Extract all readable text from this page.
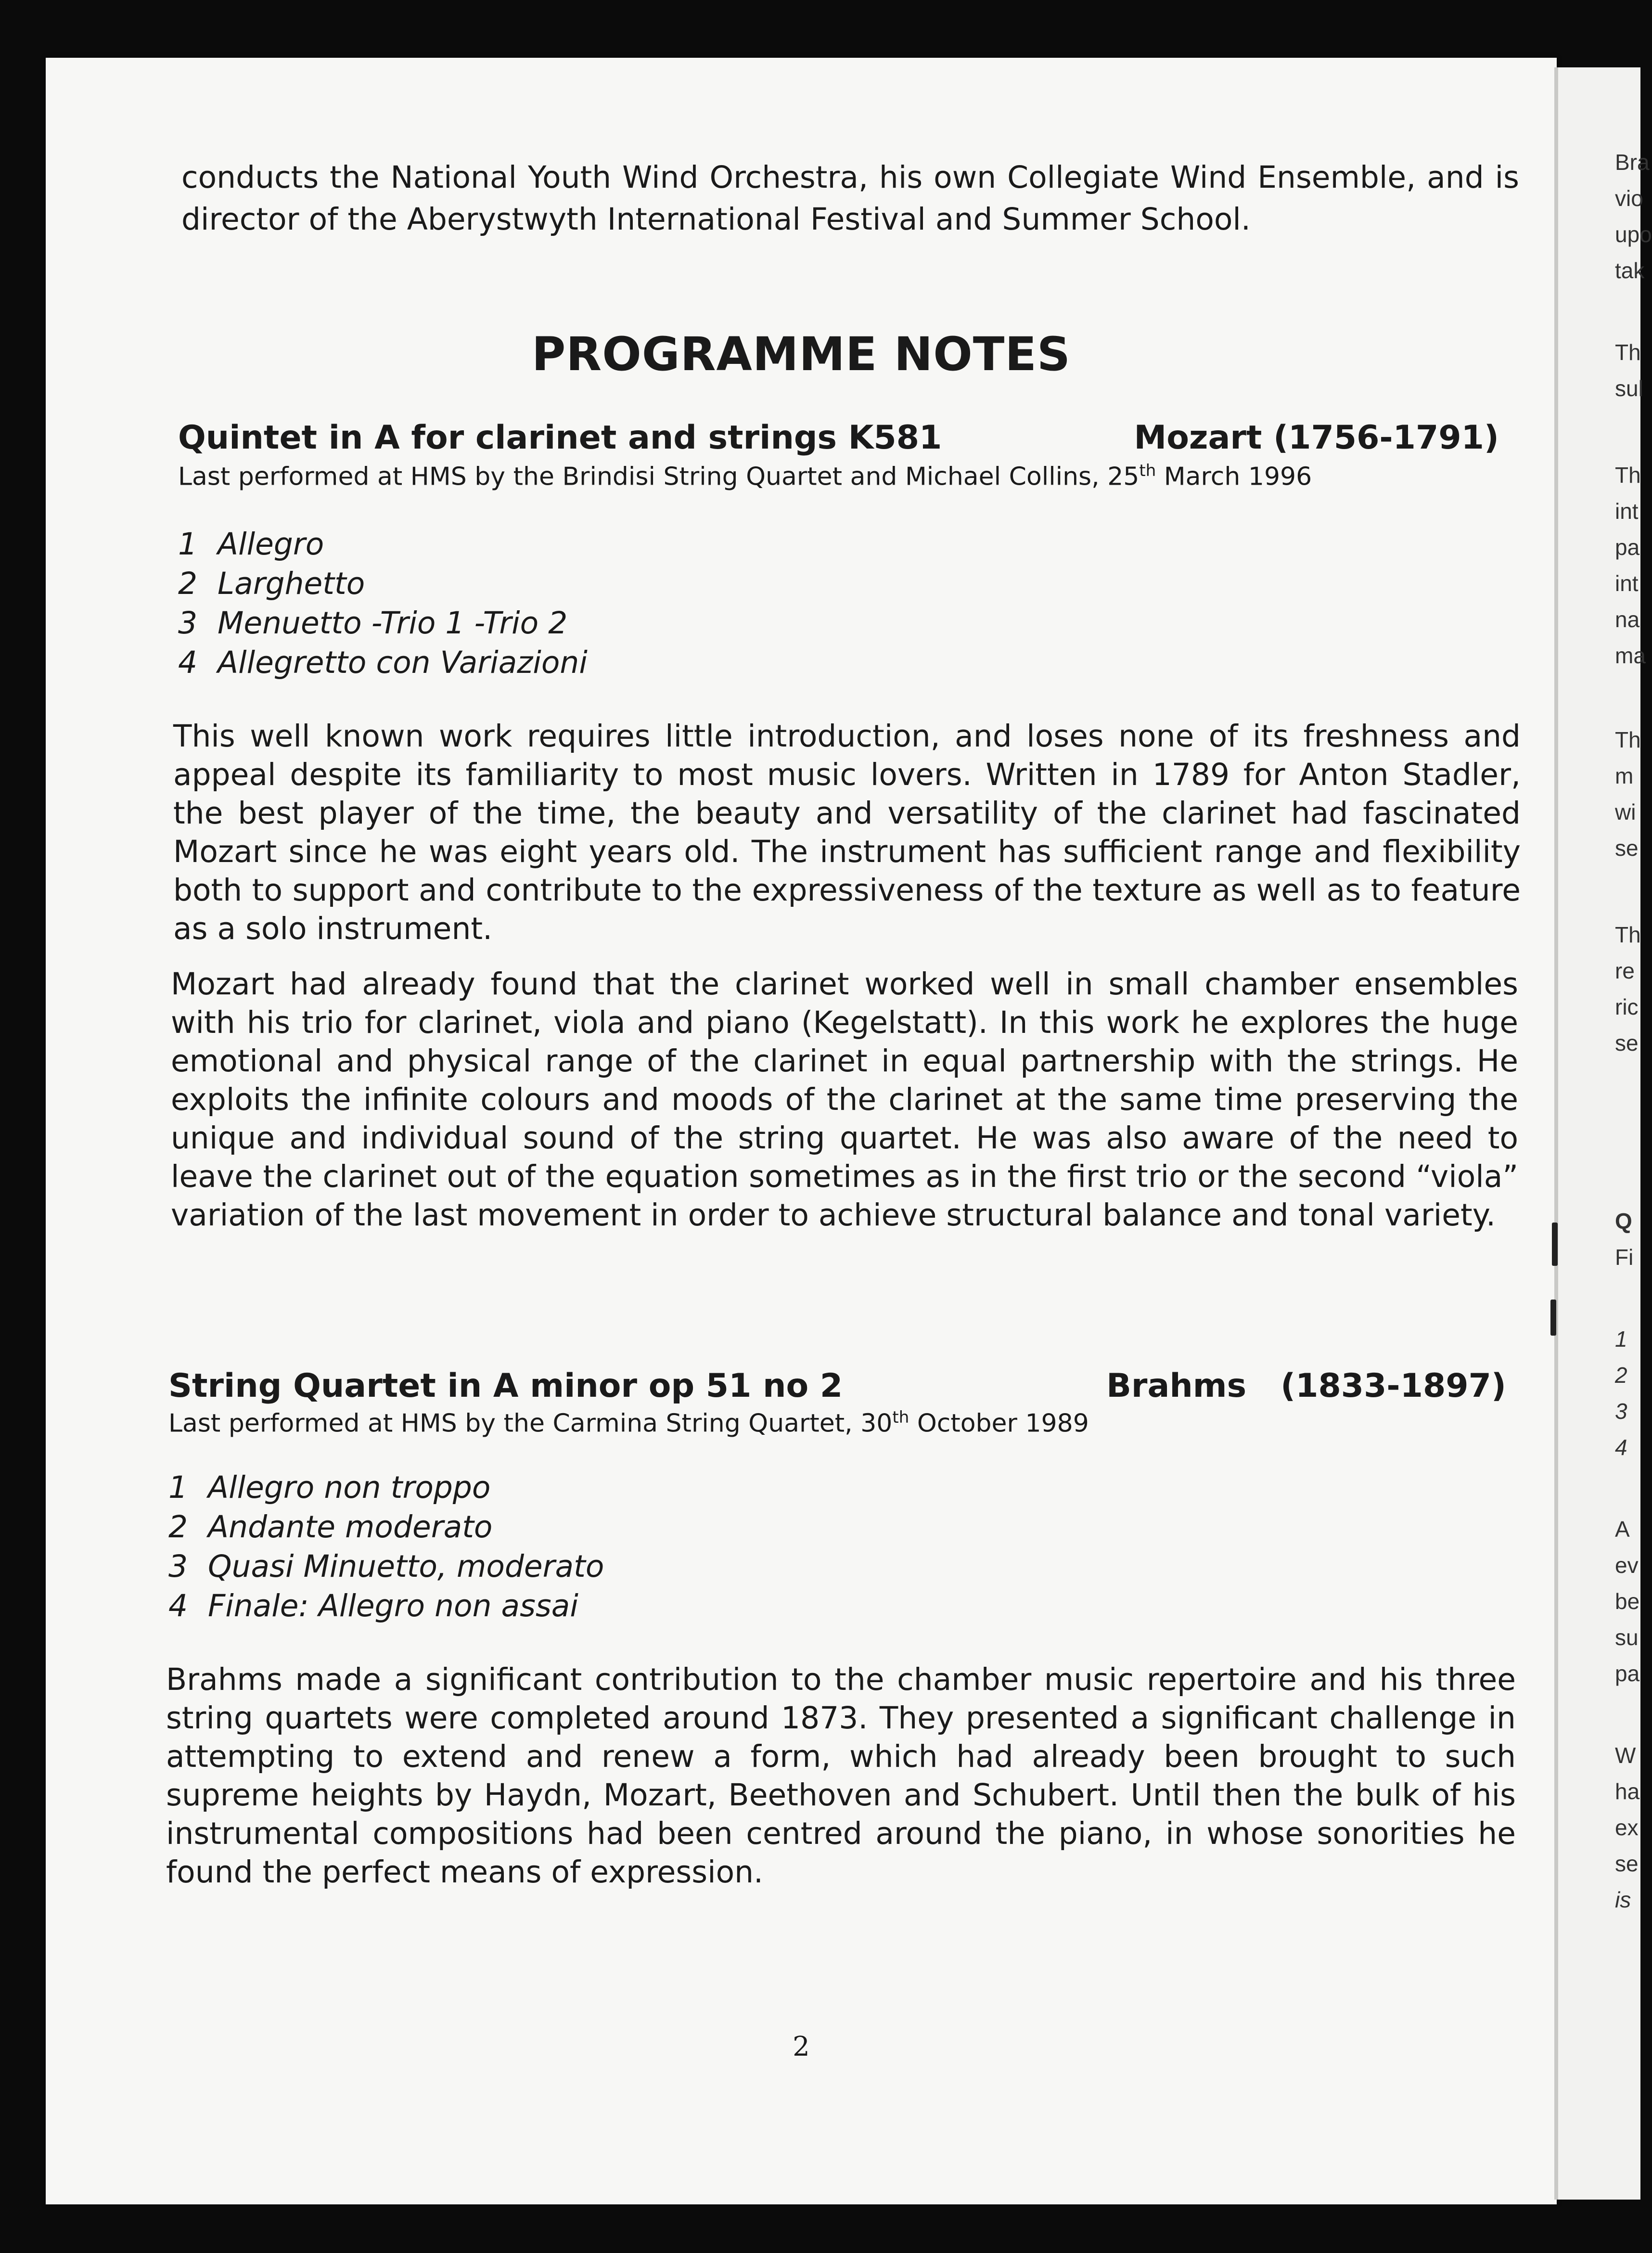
conducts the National Youth Wind Orchestra, his own Collegiate Wind Ensemble, and is director of the Aberystwyth International Festival and Summer School.

PROGRAMME NOTES
Quintet in A for clarinet and strings K581	Mozart (1756-1791)
Last performed at HMS by the Brindisi String Quartet and Michael Collins, 25th March 1996
1 Allegro
2 Larghetto
3 Menuetto -Trio 1 -Trio 2
4 Allegretto con Variazioni

This well known work requires little introduction, and loses none of its freshness and appeal despite its familiarity to most music lovers. Written in 1789 for Anton Stadler, the best player of the time, the beauty and versatility of the clarinet had fascinated Mozart since he was eight years old. The instrument has sufficient range and flexibility both to support and contribute to the expressiveness of the texture as well as to feature as a solo instrument.

Mozart had already found that the clarinet worked well in small chamber ensembles with his trio for clarinet, viola and piano (Kegelstatt). In this work he explores the huge emotional and physical range of the clarinet in equal partnership with the strings. He exploits the infinite colours and moods of the clarinet at the same time preserving the unique and individual sound of the string quartet. He was also aware of the need to leave the clarinet out of the equation sometimes as in the first trio or the second “viola” variation of the last movement in order to achieve structural balance and tonal variety.

String Quartet in A minor op 51 no 2	Brahms   (1833-1897)
Last performed at HMS by the Carmina String Quartet, 30th October 1989
1 Allegro non troppo
2 Andante moderato
3 Quasi Minuetto, moderato
4 Finale: Allegro non assai

Brahms made a significant contribution to the chamber music repertoire and his three string quartets were completed around 1873. They presented a significant challenge in attempting to extend and renew a form, which had already been brought to such supreme heights by Haydn, Mozart, Beethoven and Schubert. Until then the bulk of his instrumental compositions had been centred around the piano, in whose sonorities he found the perfect means of expression.

2
Bra
vio
upo
tak
Th
sul
Th
int
pa
int
na
ma
Th
m
wi
se
Th
re
ric
se
Q
Fi
1
2
3
4
A
ev
be
su
pa
W
ha
ex
se
is
